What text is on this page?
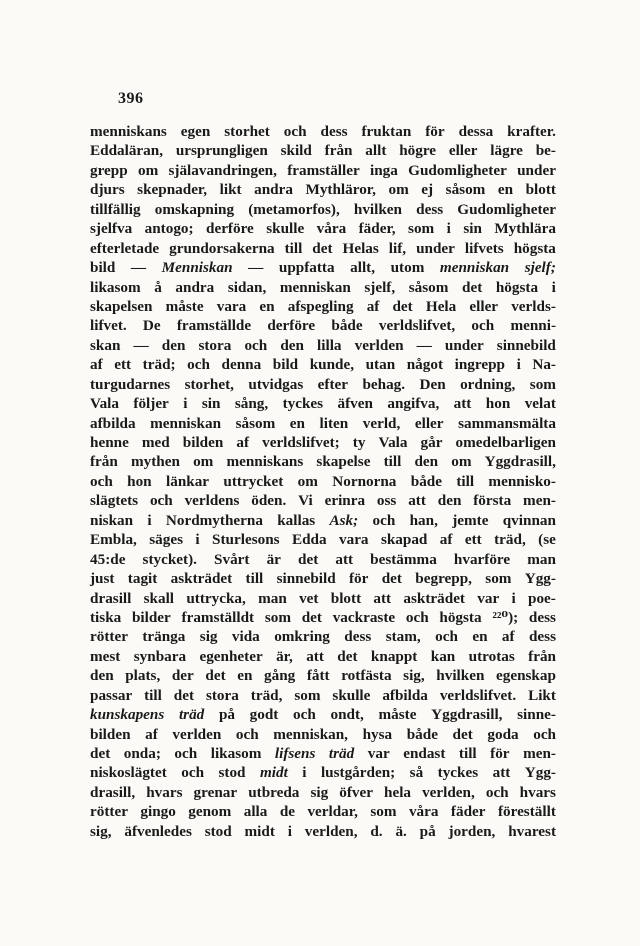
396
menniskans egen storhet och dess fruktan för dessa krafter.
Eddaläran, ursprungligen skild från allt högre eller lägre be-
grepp om själavandringen, framställer inga Gudomligheter under
djurs skepnader, likt andra Mythläror, om ej såsom en blott
tillfällig omskapning (metamorfos), hvilken dess Gudomligheter
sjelfva antogo; derföre skulle våra fäder, som i sin Mythlära
efterletade grundorsakerna till det Helas lif, under lifvets högsta
bild — Menniskan — uppfatta allt, utom menniskan sjelf;
likasom å andra sidan, menniskan sjelf, såsom det högsta i
skapelsen måste vara en afspegling af det Hela eller verlds-
lifvet. De framställde derföre både verldslifvet, och menni-
skan — den stora och den lilla verlden — under sinnebild
af ett träd; och denna bild kunde, utan något ingrepp i Na-
turgudarnes storhet, utvidgas efter behag. Den ordning, som
Vala följer i sin sång, tyckes äfven angifva, att hon velat
afbilda menniskan såsom en liten verld, eller sammansmälta
henne med bilden af verldslifvet; ty Vala går omedelbarligen
från mythen om menniskans skapelse till den om Yggdrasill,
och hon länkar uttrycket om Nornorna både till mennisko-
slägtets och verldens öden. Vi erinra oss att den första men-
niskan i Nordmytherna kallas Ask; och han, jemte qvinnan
Embla, säges i Sturlesons Edda vara skapad af ett träd, (se
45:de stycket). Svårt är det att bestämma hvarföre man
just tagit askträdet till sinnebild för det begrepp, som Ygg-
drasill skall uttrycka, man vet blott att askträdet var i poe-
tiska bilder framställdt som det vackraste och högsta ²²⁰); dess
rötter tränga sig vida omkring dess stam, och en af dess
mest synbara egenheter är, att det knappt kan utrotas från
den plats, der det en gång fått rotfästa sig, hvilken egenskap
passar till det stora träd, som skulle afbilda verldslifvet. Likt
kunskapens träd på godt och ondt, måste Yggdrasill, sinne-
bilden af verlden och menniskan, hysa både det goda och
det onda; och likasom lifsens träd var endast till för men-
niskoslägtet och stod midt i lustgården; så tyckes att Ygg-
drasill, hvars grenar utbreda sig öfver hela verlden, och hvars
rötter gingo genom alla de verldar, som våra fäder föreställt
sig, äfvenledes stod midt i verlden, d. ä. på jorden, hvarest
